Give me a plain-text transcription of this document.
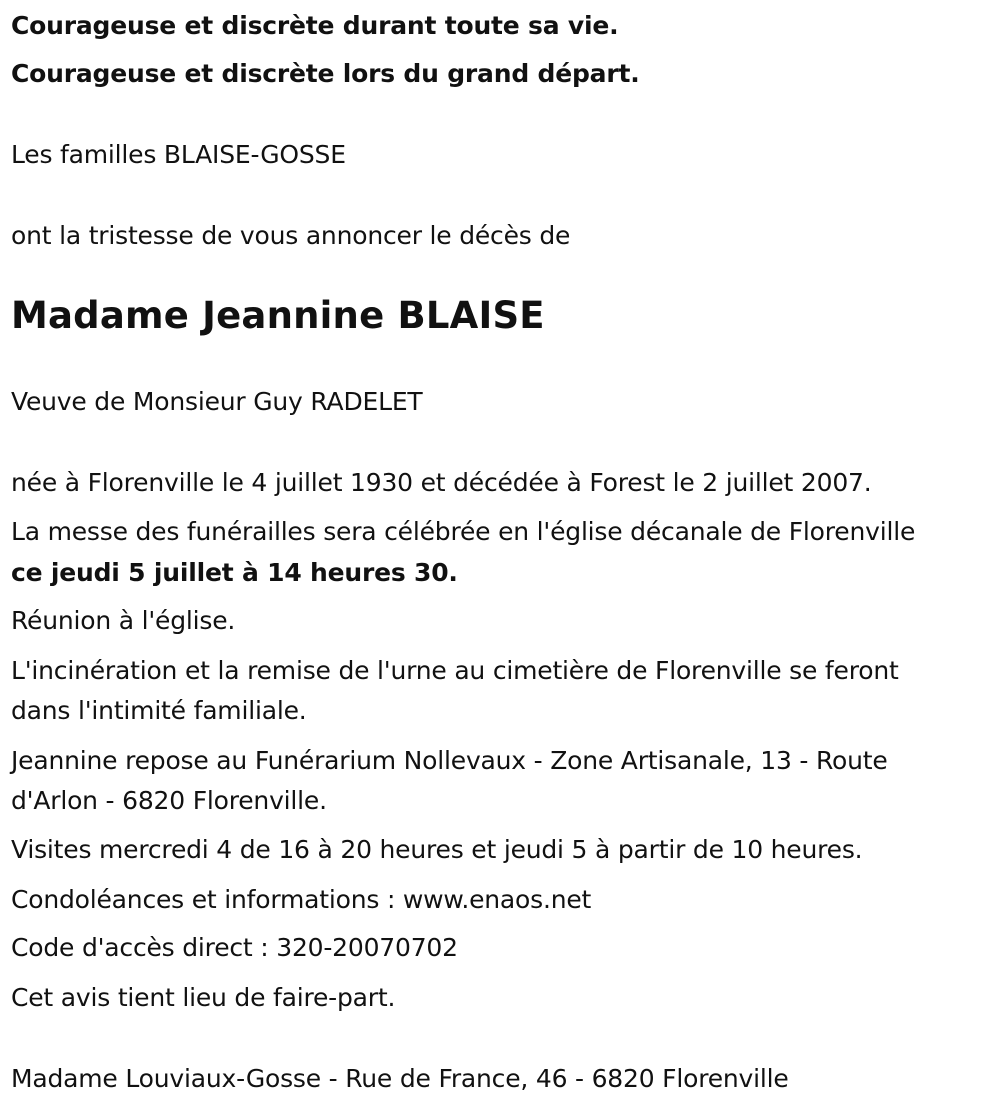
Courageuse et discrète durant toute sa vie.
Courageuse et discrète lors du grand départ.
Les familles BLAISE-GOSSE
ont la tristesse de vous annoncer le décès de
Madame Jeannine BLAISE
Veuve de Monsieur Guy RADELET
née à Florenville le 4 juillet 1930 et décédée à Forest le 2 juillet 2007.
La messe des funérailles sera célébrée en l'église décanale de Florenville
ce jeudi 5 juillet à 14 heures 30.
Réunion à l'église.
L'incinération et la remise de l'urne au cimetière de Florenville se feront
dans l'intimité familiale.
Jeannine repose au Funérarium Nollevaux - Zone Artisanale, 13 - Route
d'Arlon - 6820 Florenville.
Visites mercredi 4 de 16 à 20 heures et jeudi 5 à partir de 10 heures.
Condoléances et informations : www.enaos.net
Code d'accès direct : 320-20070702
Cet avis tient lieu de faire-part.
Madame Louviaux-Gosse - Rue de France, 46 - 6820 Florenville
